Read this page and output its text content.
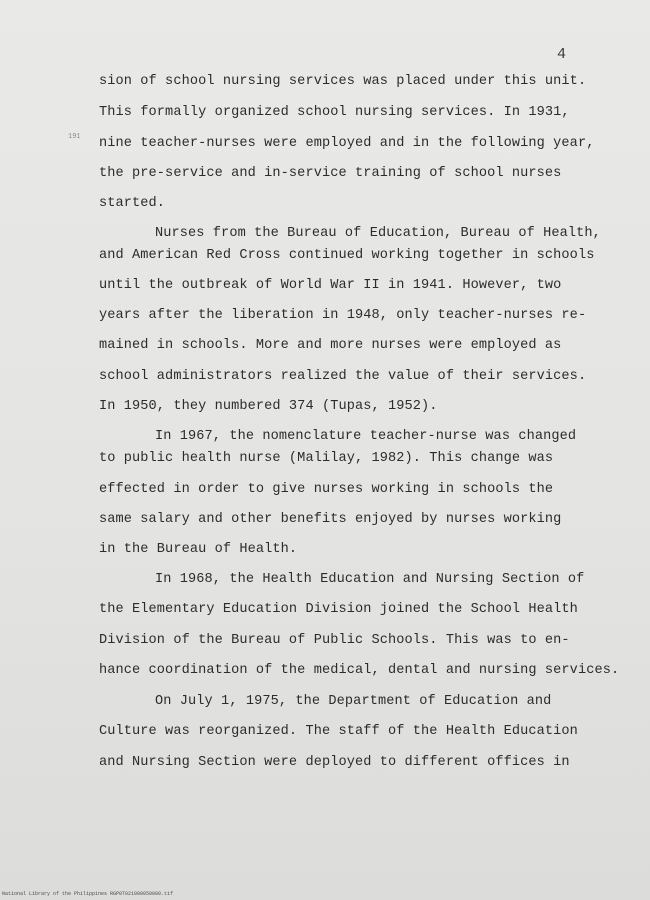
4
191
sion of school nursing services was placed under this unit.
This formally organized school nursing services. In 1931,
nine teacher-nurses were employed and in the following year,
the pre-service and in-service training of school nurses
started.
Nurses from the Bureau of Education, Bureau of Health,
and American Red Cross continued working together in schools
until the outbreak of World War II in 1941. However, two
years after the liberation in 1948, only teacher-nurses re-
mained in schools. More and more nurses were employed as
school administrators realized the value of their services.
In 1950, they numbered 374 (Tupas, 1952).
In 1967, the nomenclature teacher-nurse was changed
to public health nurse (Malilay, 1982). This change was
effected in order to give nurses working in schools the
same salary and other benefits enjoyed by nurses working
in the Bureau of Health.
In 1968, the Health Education and Nursing Section of
the Elementary Education Division joined the School Health
Division of the Bureau of Public Schools. This was to en-
hance coordination of the medical, dental and nursing services.
On July 1, 1975, the Department of Education and
Culture was reorganized. The staff of the Health Education
and Nursing Section were deployed to different offices in
National Library of the Philippines RGP0T021000050000.tif
